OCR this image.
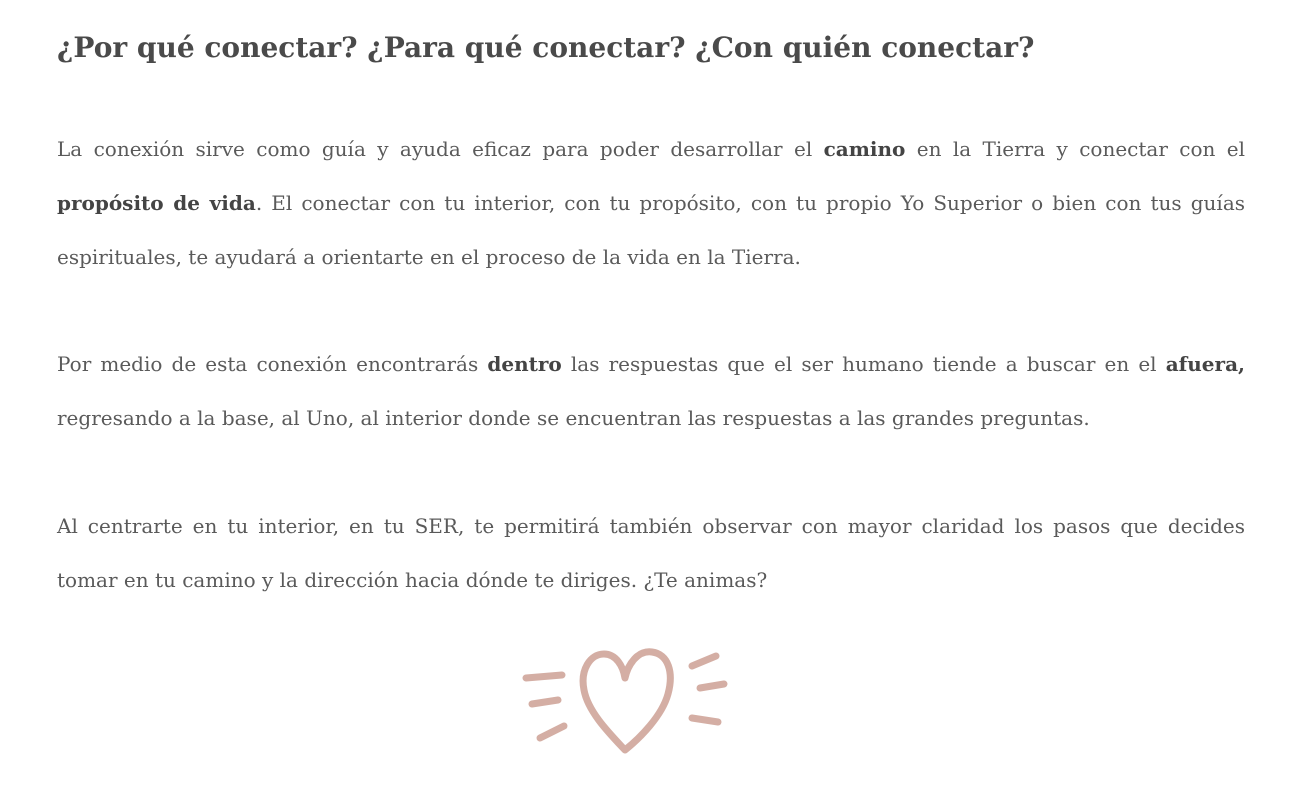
¿Por qué conectar? ¿Para qué conectar? ¿Con quién conectar?

La conexión sirve como guía y ayuda eficaz para poder desarrollar el camino en la Tierra y conectar con el propósito de vida. El conectar con tu interior, con tu propósito, con tu propio Yo Superior o bien con tus guías espirituales, te ayudará a orientarte en el proceso de la vida en la Tierra.

Por medio de esta conexión encontrarás dentro las respuestas que el ser humano tiende a buscar en el afuera, regresando a la base, al Uno, al interior donde se encuentran las respuestas a las grandes preguntas.

Al centrarte en tu interior, en tu SER, te permitirá también observar con mayor claridad los pasos que decides tomar en tu camino y la dirección hacia dónde te diriges. ¿Te animas?
